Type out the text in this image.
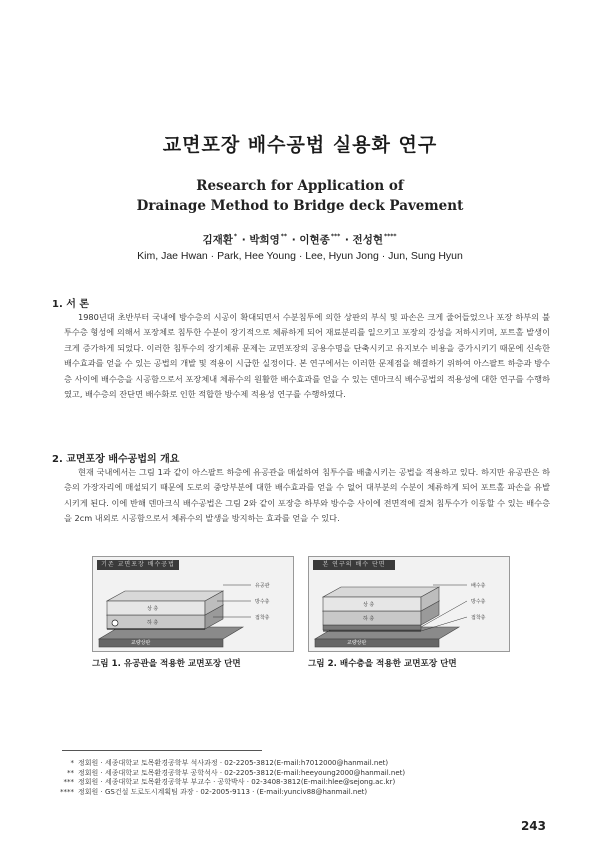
교면포장 배수공법 실용화 연구
Research for Application of
Drainage Method to Bridge deck Pavement
김재환* · 박희영** · 이현종*** · 전성현****
Kim, Jae Hwan · Park, Hee Young · Lee, Hyun Jong · Jun, Sung Hyun
1. 서 론
1980년대 초반부터 국내에 방수층의 시공이 확대되면서 수분침투에 의한 상판의 부식 및 파손은 크게 줄어들었으나 포장 하부의 불투수층 형성에 의해서 포장체로 침투한 수분이 장기적으로 체류하게 되어 재료분리를 일으키고 포장의 강성을 저하시키며, 포트홀 발생이 크게 증가하게 되었다. 이러한 침투수의 장기체류 문제는 교면포장의 공용수명을 단축시키고 유지보수 비용을 증가시키기 때문에 신속한 배수효과를 얻을 수 있는 공법의 개발 및 적용이 시급한 실정이다. 본 연구에서는 이러한 문제점을 해결하기 위하여 아스팔트 하층과 방수층 사이에 배수층을 시공함으로서 포장체내 체류수의 원활한 배수효과를 얻을 수 있는 덴마크식 배수공법의 적용성에 대한 연구를 수행하였고, 배수층의 잔단면 배수화로 인한 적합한 방수제 적용성 연구를 수행하였다.
2. 교면포장 배수공법의 개요
현재 국내에서는 그림 1과 같이 아스팔트 하층에 유공관을 매설하여 침투수를 배출시키는 공법을 적용하고 있다. 하지만 유공관은 하층의 가장자리에 매설되기 때문에 도로의 중앙부분에 대한 배수효과를 얻을 수 없어 대부분의 수분이 체류하게 되어 포트홀 파손을 유발시키게 된다. 이에 반해 덴마크식 배수공법은 그림 2와 같이 포장층 하부와 방수층 사이에 전면적에 걸쳐 침투수가 이동할 수 있는 배수층을 2cm 내외로 시공함으로서 체류수의 발생을 방지하는 효과를 얻을 수 있다.
기존 교면포장 배수공법
유공관
방수층
접착층
상 층
하 층
교량상판
본 연구의 배수 단면
배수층
방수층
접착층
상 층
하 층
교량상판
그림 1. 유공관을 적용한 교면포장 단면	그림 2. 배수층을 적용한 교면포장 단면
* 정회원 · 세종대학교 토목환경공학부 석사과정 · 02-2205-3812(E-mail:h7012000@hanmail.net)
** 정회원 · 세종대학교 토목환경공학부 공학석사 · 02-2205-3812(E-mail:heeyoung2000@hanmail.net)
*** 정회원 · 세종대학교 토목환경공학부 부교수 · 공학박사 · 02-3408-3812(E-mail:hlee@sejong.ac.kr)
**** 정회원 · GS건설 도로도시계획팀 과장 · 02-2005-9113 · (E-mail:yunciv88@hanmail.net)
243
